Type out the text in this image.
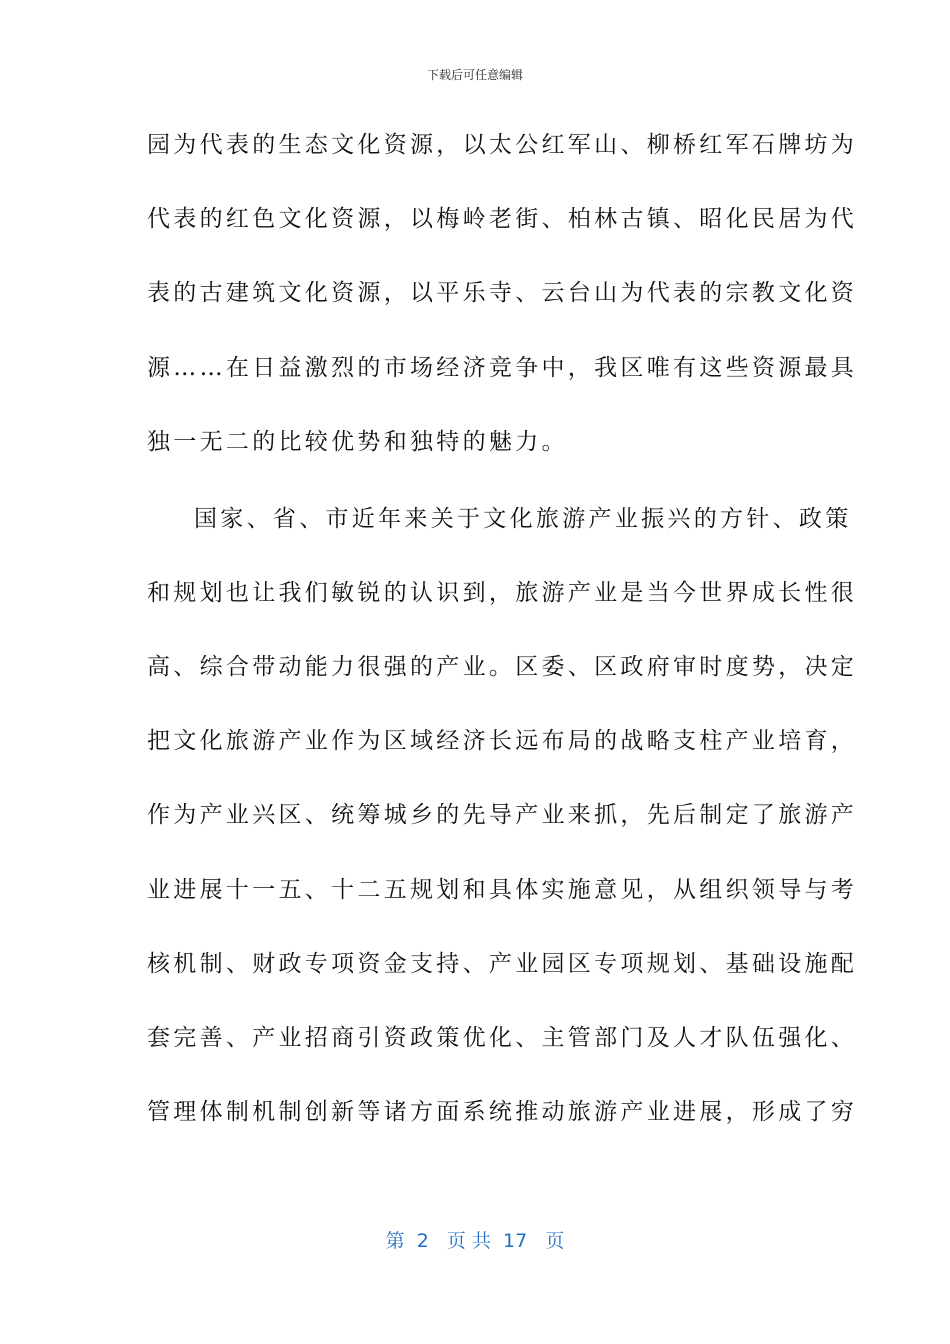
下载后可任意编辑
园为代表的生态文化资源，以太公红军山、柳桥红军石牌坊为
代表的红色文化资源，以梅岭老街、柏林古镇、昭化民居为代
表的古建筑文化资源，以平乐寺、云台山为代表的宗教文化资
源……在日益激烈的市场经济竞争中，我区唯有这些资源最具
独一无二的比较优势和独特的魅力。
国家、省、市近年来关于文化旅游产业振兴的方针、政策
和规划也让我们敏锐的认识到，旅游产业是当今世界成长性很
高、综合带动能力很强的产业。区委、区政府审时度势，决定
把文化旅游产业作为区域经济长远布局的战略支柱产业培育，
作为产业兴区、统筹城乡的先导产业来抓，先后制定了旅游产
业进展十一五、十二五规划和具体实施意见，从组织领导与考
核机制、财政专项资金支持、产业园区专项规划、基础设施配
套完善、产业招商引资政策优化、主管部门及人才队伍强化、
管理体制机制创新等诸方面系统推动旅游产业进展，形成了穷
第  2   页 共  17   页
